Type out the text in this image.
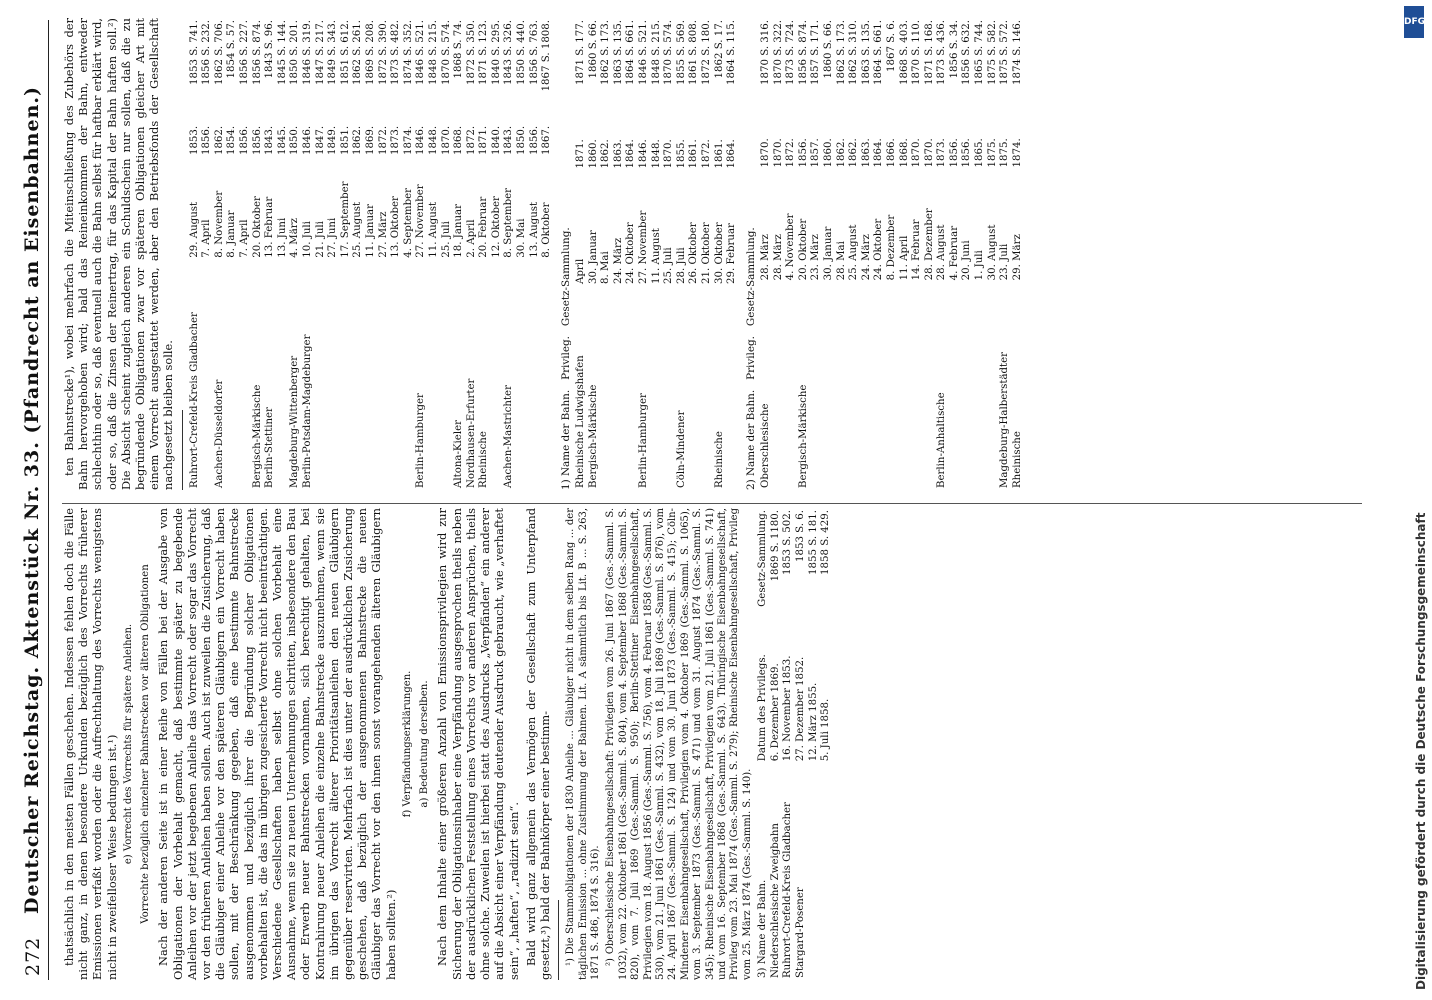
272
Deutscher Reichstag. Aktenstück Nr. 33. (Pfandrecht an Eisenbahnen.) thatsächlich in den meisten Fällen geschehen. Indessen fehlen doch die Fälle nicht ganz, in denen besondere Urkunden bezüglich des Vorrechts früherer Emissionen verfaßt worden oder die Aufrechthaltung des Vorrechts wenigstens nicht in zweifelloser Weise bedungen ist.¹) e) Vorrecht des Vorrechts für spätere Anleihen. Vorrechte bezüglich einzelner Bahnstrecken vor älteren Obligationen Nach der anderen Seite ist in einer Reihe von Fällen bei der Ausgabe von Obligationen der Vorbehalt gemacht, daß bestimmte später zu begebende Anleihen vor der jetzt begebenen Anleihe das Vorrecht oder sogar das Vorrecht vor den früheren Anleihen haben sollen. Auch ist zuweilen die Zusicherung, daß die Gläubiger einer Anleihe vor den späteren Gläubigern ein Vorrecht haben sollen, mit der Beschränkung gegeben, daß eine bestimmte Bahnstrecke ausgenommen und bezüglich ihrer die Begründung solcher Obligationen vorbehalten ist, die das im übrigen zugesicherte Vorrecht nicht beeinträchtigen. Verschiedene Gesellschaften haben selbst ohne solchen Vorbehalt eine Ausnahme, wenn sie zu neuen Unternehmungen schritten, insbesondere den Bau oder Erwerb neuer Bahnstrecken vornahmen, sich berechtigt gehalten, bei Kontrahirung neuer Anleihen die einzelne Bahnstrecke auszunehmen, wenn sie im übrigen das Vorrecht älterer Prioritätsanleihen den neuen Gläubigern gegenüber reservirten. Mehrfach ist dies unter der ausdrücklichen Zusicherung geschehen, daß bezüglich der ausgenommenen Bahnstrecke die neuen Gläubiger das Vorrecht vor den ihnen sonst vorangehenden älteren Gläubigern haben sollten.²)

f) Verpfändungserklärungen. a) Bedeutung derselben. Nach dem Inhalte einer größeren Anzahl von Emissionsprivilegien wird zur Sicherung der Obligationsinhaber eine Verpfändung ausgesprochen theils neben der ausdrücklichen Feststellung eines Vorrechts vor anderen Ansprüchen, theils ohne solche. Zuweilen ist hierbei statt des Ausdrucks „Verpfänden“ ein anderer auf die Absicht einer Verpfändung deutender Ausdruck gebraucht, wie „verhaftet sein“, „haften“, „radizirt sein“. Bald wird ganz allgemein das Vermögen der Gesellschaft zum Unterpfand gesetzt,³) bald der Bahnkörper einer bestimm- ¹) Die Stammobligationen der 1830 Anleihe ... Gläubiger nicht in dem selben Rang ... der täglichen Emission ... ohne Zustimmung der Bahnen. Lit. A sämmtlich bis Lit. B ... S. 263, 1871 S. 486, 1874 S. 316). ²) Oberschlesische Eisenbahngesellschaft: Privilegien vom 26. Juni 1867 (Ges.-Samml. S. 1032), vom 22. Oktober 1861 (Ges.-Samml. S. 804), vom 4. September 1868 (Ges.-Samml. S. 820), vom 7. Juli 1869 (Ges.-Samml. S. 950); Berlin-Stettiner Eisenbahngesellschaft, Privilegien vom 18. August 1856 (Ges.-Samml. S. 756), vom 4. Februar 1858 (Ges.-Samml. S. 530), vom 21. Juni 1861 (Ges.-Samml. S. 432), vom 18. Juli 1869 (Ges.-Samml. S. 876), vom 24. April 1867 (Ges.-Samml. S. 124) und vom 30. Juni 1873 (Ges.-Samml. S. 415); Cöln-Mindener Eisenbahngesellschaft, Privilegien vom 4. Oktober 1869 (Ges.-Samml. S. 1065), vom 3. September 1873 (Ges.-Samml. S. 471) und vom 31. August 1874 (Ges.-Samml. S. 345); Rheinische Eisenbahngesellschaft, Privilegien vom 21. Juli 1861 (Ges.-Samml. S. 741) und vom 16. September 1868 (Ges.-Samml. S. 643). Thüringische Eisenbahngesellschaft, Privileg vom 23. Mai 1874 (Ges.-Samml. S. 279); Rheinische Eisenbahngesellschaft, Privileg vom 25. März 1874 (Ges.-Samml. S. 140). 3) Name der Bahn.	Datum des Privilegs.	Gesetz-Sammlung.
Niederschlesische Zweigbahn	6. Dezember 1869.	1869 S. 1180.
Ruhrort-Crefeld-Kreis Gladbacher	16. November 1853.	1853 S. 502.
Stargard-Posener	27. Dezember 1852.	1853 S. 6.
	12. März 1855.	1855 S. 181.
	5. Juli 1858.	1858 S. 429.

ten Bahnstrecke¹), wobei mehrfach die Miteinschließung des Zubehörs der Bahn hervorgehoben wird; bald das Reineinkommen der Bahn, entweder schlechthin oder so, daß eventuell auch die Bahn selbst für haftbar erklärt wird, oder so, daß die Zinsen der Reinertrag, für das Kapital der Bahn haften soll.²) Die Absicht scheint zugleich anderen ein Schuldschein nur sollen, daß die zu begründende Obligationen zwar vor späteren Obligationen gleicher Art mit einem Vorrecht ausgestattet werden, aber den Betriebsfonds der Gesellschaft nachgesetzt bleiben solle. Ruhrort-Crefeld-Kreis Gladbacher	29. August	1853.	1853 S. 741.
	7. April	1856.	1856 S. 232.
Aachen-Düsseldorfer	8. November	1862.	1862 S. 706.
	8. Januar	1854.	1854 S. 57.
	7. April	1856.	1856 S. 227.
Bergisch-Märkische	20. Oktober	1856.	1856 S. 874.
Berlin-Stettiner	13. Februar	1843.	1843 S. 96.
	13. Juni	1845.	1845 S. 144.
Magdeburg-Wittenberger	4. März	1850.	1850 S. 201.
Berlin-Potsdam-Magdeburger	10. Juli	1846.	1846 S. 319.
	21. Juli	1847.	1847 S. 217.
	27. Juni	1849.	1849 S. 343.
	17. September	1851.	1851 S. 612.
	25. August	1862.	1862 S. 261.
	11. Januar	1869.	1869 S. 208.
	27. März	1872.	1872 S. 390.
	13. Oktober	1873.	1873 S. 482.
	4. September	1874.	1874 S. 352.
Berlin-Hamburger	27. November	1846.	1846 S. 521.
	11. August	1848.	1848 S. 215.
	25. Juli	1870.	1870 S. 574.
Altona-Kieler	18. Januar	1868.	1868 S. 74.
Nordhausen-Erfurter	2. April	1872.	1872 S. 350.
Rheinische	20. Februar	1871.	1871 S. 123.
	12. Oktober	1840.	1840 S. 295.
Aachen-Mastrichter	8. September	1843.	1843 S. 326.
	30. Mai	1850.	1850 S. 440.
	13. August	1856.	1856 S. 763.
	8. Oktober	1867.	1867 S. 1808.
1) Name der Bahn.   Privileg.   Gesetz-Sammlung.
Rheinische Ludwigshafen	April	1871.	1871 S. 177.
Bergisch-Märkische	30. Januar	1860.	1860 S. 66.
	8. Mai	1862.	1862 S. 173.
	24. März	1863.	1863 S. 135.
	24. Oktober	1864.	1864 S. 661.
Berlin-Hamburger	27. November	1846.	1846 S. 521.
	11. August	1848.	1848 S. 215.
	25. Juli	1870.	1870 S. 574.
Cöln-Mindener	28. Juli	1855.	1855 S. 569.
	26. Oktober	1861.	1861 S. 808.
	21. Oktober	1872.	1872 S. 180.
Rheinische	30. Oktober	1861.	1862 S. 17.
	29. Februar	1864.	1864 S. 115.
2) Name der Bahn.   Privileg.   Gesetz-Sammlung.
Oberschlesische	28. März	1870.	1870 S. 316.
	28. März	1870.	1870 S. 322.
	4. November	1872.	1873 S. 724.
Bergisch-Märkische	20. Oktober	1856.	1856 S. 874.
	23. März	1857.	1857 S. 171.
	30. Januar	1860.	1860 S. 66.
	28. Mai	1862.	1862 S. 173.
	25. August	1862.	1862 S. 310.
	24. März	1863.	1863 S. 135.
	24. Oktober	1864.	1864 S. 661.
	8. Dezember	1866.	1867 S. 6.
	11. April	1868.	1868 S. 403.
	14. Februar	1870.	1870 S. 110.
	28. Dezember	1870.	1871 S. 168.
Berlin-Anhaltische	28. August	1873.	1873 S. 436.
	4. Februar	1856.	1856 S. 34.
	20. Juni	1856.	1856 S. 632.
	1. Juli	1865.	1865 S. 744.
	30. August	1875.	1875 S. 582.
Magdeburg-Halberstädter	23. Juli	1875.	1875 S. 572.
Rheinische	29. März	1874.	1874 S. 146.	DFG
Digitalisierung gefördert durch die Deutsche Forschungsgemeinschaft
